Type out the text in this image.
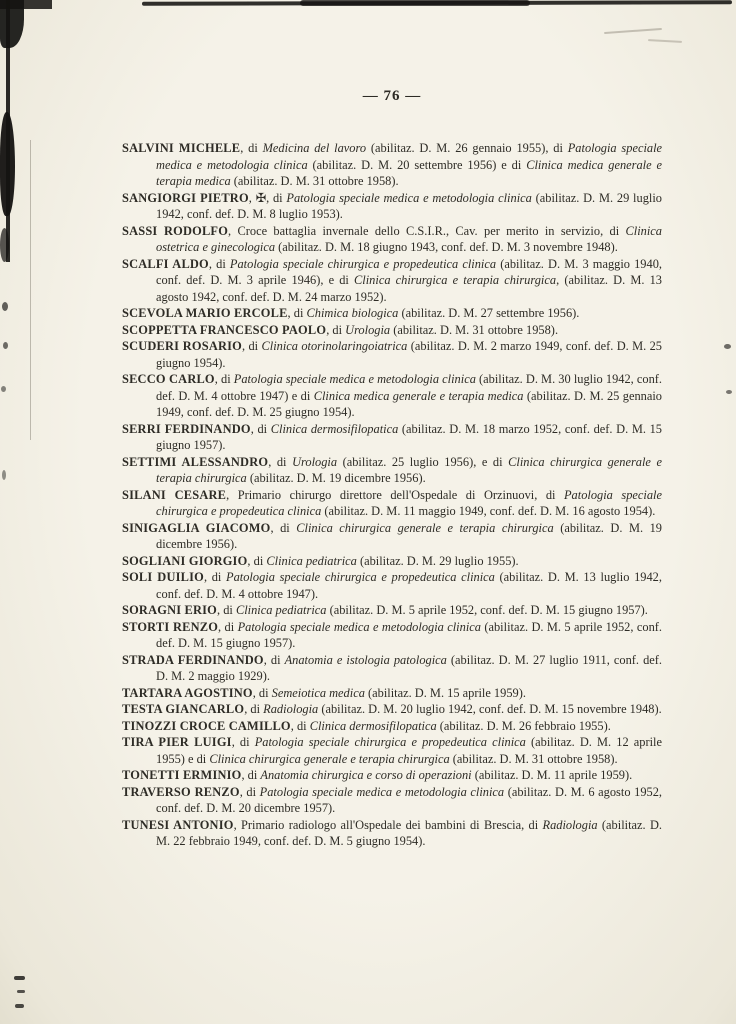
— 76 —

SALVINI MICHELE, di Medicina del lavoro (abilitaz. D. M. 26 gennaio 1955), di Patologia speciale medica e metodologia clinica (abilitaz. D. M. 20 settembre 1956) e di Clinica medica generale e terapia medica (abilitaz. D. M. 31 ottobre 1958).

SANGIORGI PIETRO, ✠, di Patologia speciale medica e metodologia clinica (abilitaz. D. M. 29 luglio 1942, conf. def. D. M. 8 luglio 1953).

SASSI RODOLFO, Croce battaglia invernale dello C.S.I.R., Cav. per merito in servizio, di Clinica ostetrica e ginecologica (abilitaz. D. M. 18 giugno 1943, conf. def. D. M. 3 novembre 1948).

SCALFI ALDO, di Patologia speciale chirurgica e propedeutica clinica (abilitaz. D. M. 3 maggio 1940, conf. def. D. M. 3 aprile 1946), e di Clinica chirurgica e terapia chirurgica, (abilitaz. D. M. 13 agosto 1942, conf. def. D. M. 24 marzo 1952).

SCEVOLA MARIO ERCOLE, di Chimica biologica (abilitaz. D. M. 27 settembre 1956).

SCOPPETTA FRANCESCO PAOLO, di Urologia (abilitaz. D. M. 31 ottobre 1958).

SCUDERI ROSARIO, di Clinica otorinolaringoiatrica (abilitaz. D. M. 2 marzo 1949, conf. def. D. M. 25 giugno 1954).

SECCO CARLO, di Patologia speciale medica e metodologia clinica (abilitaz. D. M. 30 luglio 1942, conf. def. D. M. 4 ottobre 1947) e di Clinica medica generale e terapia medica (abilitaz. D. M. 25 gennaio 1949, conf. def. D. M. 25 giugno 1954).

SERRI FERDINANDO, di Clinica dermosifilopatica (abilitaz. D. M. 18 marzo 1952, conf. def. D. M. 15 giugno 1957).

SETTIMI ALESSANDRO, di Urologia (abilitaz. 25 luglio 1956), e di Clinica chirurgica generale e terapia chirurgica (abilitaz. D. M. 19 dicembre 1956).

SILANI CESARE, Primario chirurgo direttore dell'Ospedale di Orzinuovi, di Patologia speciale chirurgica e propedeutica clinica (abilitaz. D. M. 11 maggio 1949, conf. def. D. M. 16 agosto 1954).

SINIGAGLIA GIACOMO, di Clinica chirurgica generale e terapia chirurgica (abilitaz. D. M. 19 dicembre 1956).

SOGLIANI GIORGIO, di Clinica pediatrica (abilitaz. D. M. 29 luglio 1955).

SOLI DUILIO, di Patologia speciale chirurgica e propedeutica clinica (abilitaz. D. M. 13 luglio 1942, conf. def. D. M. 4 ottobre 1947).

SORAGNI ERIO, di Clinica pediatrica (abilitaz. D. M. 5 aprile 1952, conf. def. D. M. 15 giugno 1957).

STORTI RENZO, di Patologia speciale medica e metodologia clinica (abilitaz. D. M. 5 aprile 1952, conf. def. D. M. 15 giugno 1957).

STRADA FERDINANDO, di Anatomia e istologia patologica (abilitaz. D. M. 27 luglio 1911, conf. def. D. M. 2 maggio 1929).

TARTARA AGOSTINO, di Semeiotica medica (abilitaz. D. M. 15 aprile 1959).

TESTA GIANCARLO, di Radiologia (abilitaz. D. M. 20 luglio 1942, conf. def. D. M. 15 novembre 1948).

TINOZZI CROCE CAMILLO, di Clinica dermosifilopatica (abilitaz. D. M. 26 febbraio 1955).

TIRA PIER LUIGI, di Patologia speciale chirurgica e propedeutica clinica (abilitaz. D. M. 12 aprile 1955) e di Clinica chirurgica generale e terapia chirurgica (abilitaz. D. M. 31 ottobre 1958).

TONETTI ERMINIO, di Anatomia chirurgica e corso di operazioni (abilitaz. D. M. 11 aprile 1959).

TRAVERSO RENZO, di Patologia speciale medica e metodologia clinica (abilitaz. D. M. 6 agosto 1952, conf. def. D. M. 20 dicembre 1957).

TUNESI ANTONIO, Primario radiologo all'Ospedale dei bambini di Brescia, di Radiologia (abilitaz. D. M. 22 febbraio 1949, conf. def. D. M. 5 giugno 1954).
